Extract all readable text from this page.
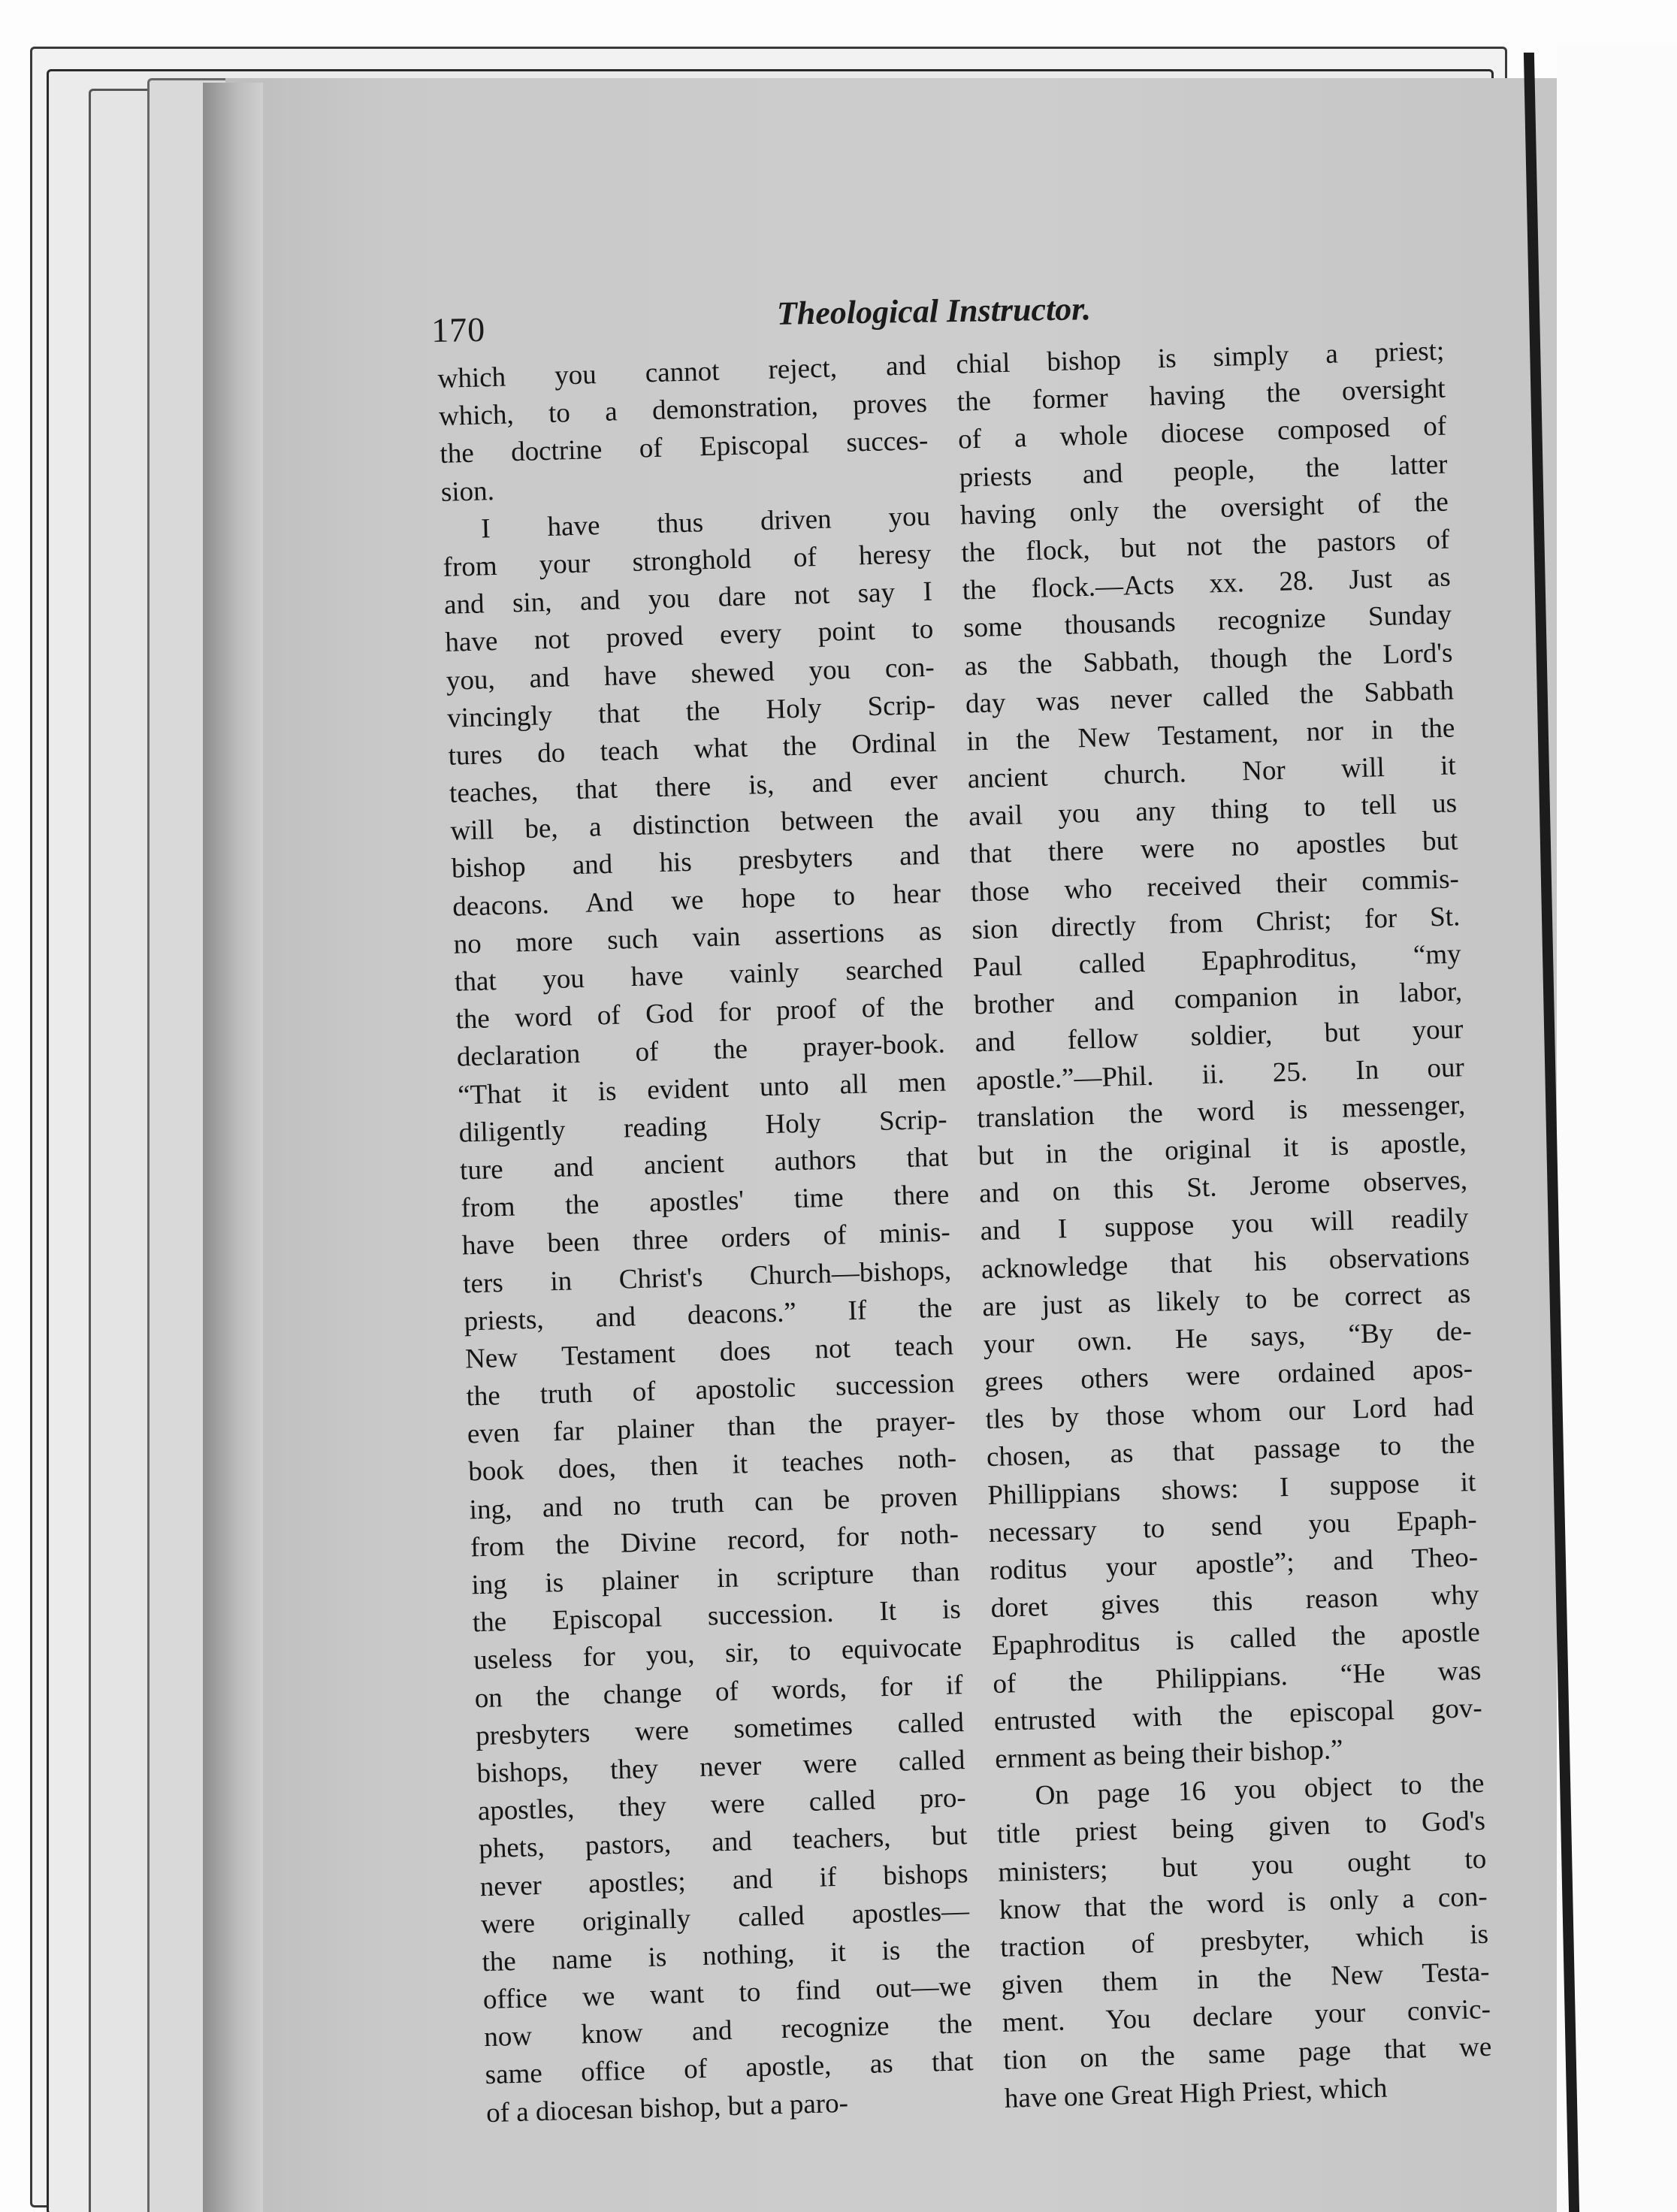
170	Theological Instructor.
which you cannot reject, and
which, to a demonstration, proves
the doctrine of Episcopal succes-
sion.
I have thus driven you
from your stronghold of heresy
and sin, and you dare not say I
have not proved every point to
you, and have shewed you con-
vincingly that the Holy Scrip-
tures do teach what the Ordinal
teaches, that there is, and ever
will be, a distinction between the
bishop and his presbyters and
deacons. And we hope to hear
no more such vain assertions as
that you have vainly searched
the word of God for proof of the
declaration of the prayer-book.
“That it is evident unto all men
diligently reading Holy Scrip-
ture and ancient authors that
from the apostles' time there
have been three orders of minis-
ters in Christ's Church—bishops,
priests, and deacons.” If the
New Testament does not teach
the truth of apostolic succession
even far plainer than the prayer-
book does, then it teaches noth-
ing, and no truth can be proven
from the Divine record, for noth-
ing is plainer in scripture than
the Episcopal succession. It is
useless for you, sir, to equivocate
on the change of words, for if
presbyters were sometimes called
bishops, they never were called
apostles, they were called pro-
phets, pastors, and teachers, but
never apostles; and if bishops
were originally called apostles—
the name is nothing, it is the
office we want to find out—we
now know and recognize the
same office of apostle, as that
of a diocesan bishop, but a paro-
chial bishop is simply a priest;
the former having the oversight
of a whole diocese composed of
priests and people, the latter
having only the oversight of the
the flock, but not the pastors of
the flock.—Acts xx. 28. Just as
some thousands recognize Sunday
as the Sabbath, though the Lord's
day was never called the Sabbath
in the New Testament, nor in the
ancient church. Nor will it
avail you any thing to tell us
that there were no apostles but
those who received their commis-
sion directly from Christ; for St.
Paul called Epaphroditus, “my
brother and companion in labor,
and fellow soldier, but your
apostle.”—Phil. ii. 25. In our
translation the word is messenger,
but in the original it is apostle,
and on this St. Jerome observes,
and I suppose you will readily
acknowledge that his observations
are just as likely to be correct as
your own. He says, “By de-
grees others were ordained apos-
tles by those whom our Lord had
chosen, as that passage to the
Phillippians shows: I suppose it
necessary to send you Epaph-
roditus your apostle”; and Theo-
doret gives this reason why
Epaphroditus is called the apostle
of the Philippians. “He was
entrusted with the episcopal gov-
ernment as being their bishop.”
On page 16 you object to the
title priest being given to God's
ministers; but you ought to
know that the word is only a con-
traction of presbyter, which is
given them in the New Testa-
ment. You declare your convic-
tion on the same page that we
have one Great High Priest, which
